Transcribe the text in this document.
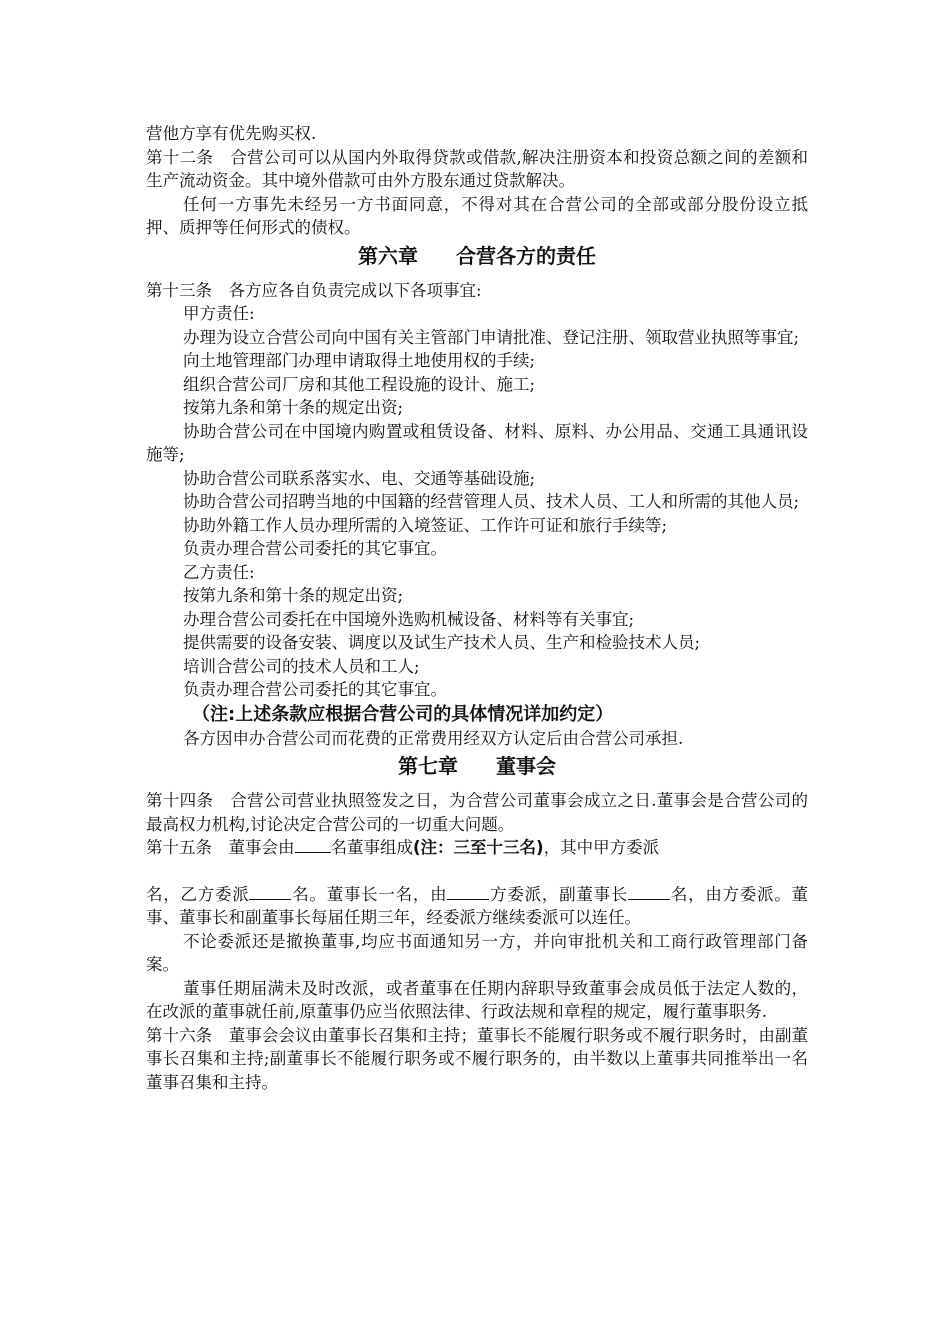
营他方享有优先购买权.

第十二条　合营公司可以从国内外取得贷款或借款,解决注册资本和投资总额之间的差额和生产流动资金。其中境外借款可由外方股东通过贷款解决。

任何一方事先未经另一方书面同意，不得对其在合营公司的全部或部分股份设立抵押、质押等任何形式的债权。

第六章 合营各方的责任

第十三条　各方应各自负责完成以下各项事宜:

甲方责任:

办理为设立合营公司向中国有关主管部门申请批准、登记注册、领取营业执照等事宜;

向土地管理部门办理申请取得土地使用权的手续;

组织合营公司厂房和其他工程设施的设计、施工;

按第九条和第十条的规定出资;

协助合营公司在中国境内购置或租赁设备、材料、原料、办公用品、交通工具通讯设施等;

协助合营公司联系落实水、电、交通等基础设施;

协助合营公司招聘当地的中国籍的经营管理人员、技术人员、工人和所需的其他人员;

协助外籍工作人员办理所需的入境签证、工作许可证和旅行手续等;

负责办理合营公司委托的其它事宜。

乙方责任:

按第九条和第十条的规定出资;

办理合营公司委托在中国境外选购机械设备、材料等有关事宜;

提供需要的设备安装、调度以及试生产技术人员、生产和检验技术人员;

培训合营公司的技术人员和工人;

负责办理合营公司委托的其它事宜。

（注:上述条款应根据合营公司的具体情况详加约定）

各方因申办合营公司而花费的正常费用经双方认定后由合营公司承担.

第七章 董事会

第十四条　合营公司营业执照签发之日，为合营公司董事会成立之日.董事会是合营公司的最高权力机构,讨论决定合营公司的一切重大问题。

第十五条　董事会由 名董事组成(注：三至十三名)，其中甲方委派

名，乙方委派	名。董事长一名，由	方委派，副董事长	名，由方委派。董事、董事长和副董事长每届任期三年，经委派方继续委派可以连任。

不论委派还是撤换董事,均应书面通知另一方，并向审批机关和工商行政管理部门备案。

董事任期届满未及时改派，或者董事在任期内辞职导致董事会成员低于法定人数的，在改派的董事就任前,原董事仍应当依照法律、行政法规和章程的规定，履行董事职务.

第十六条　董事会会议由董事长召集和主持；董事长不能履行职务或不履行职务时，由副董事长召集和主持;副董事长不能履行职务或不履行职务的，由半数以上董事共同推举出一名董事召集和主持。
